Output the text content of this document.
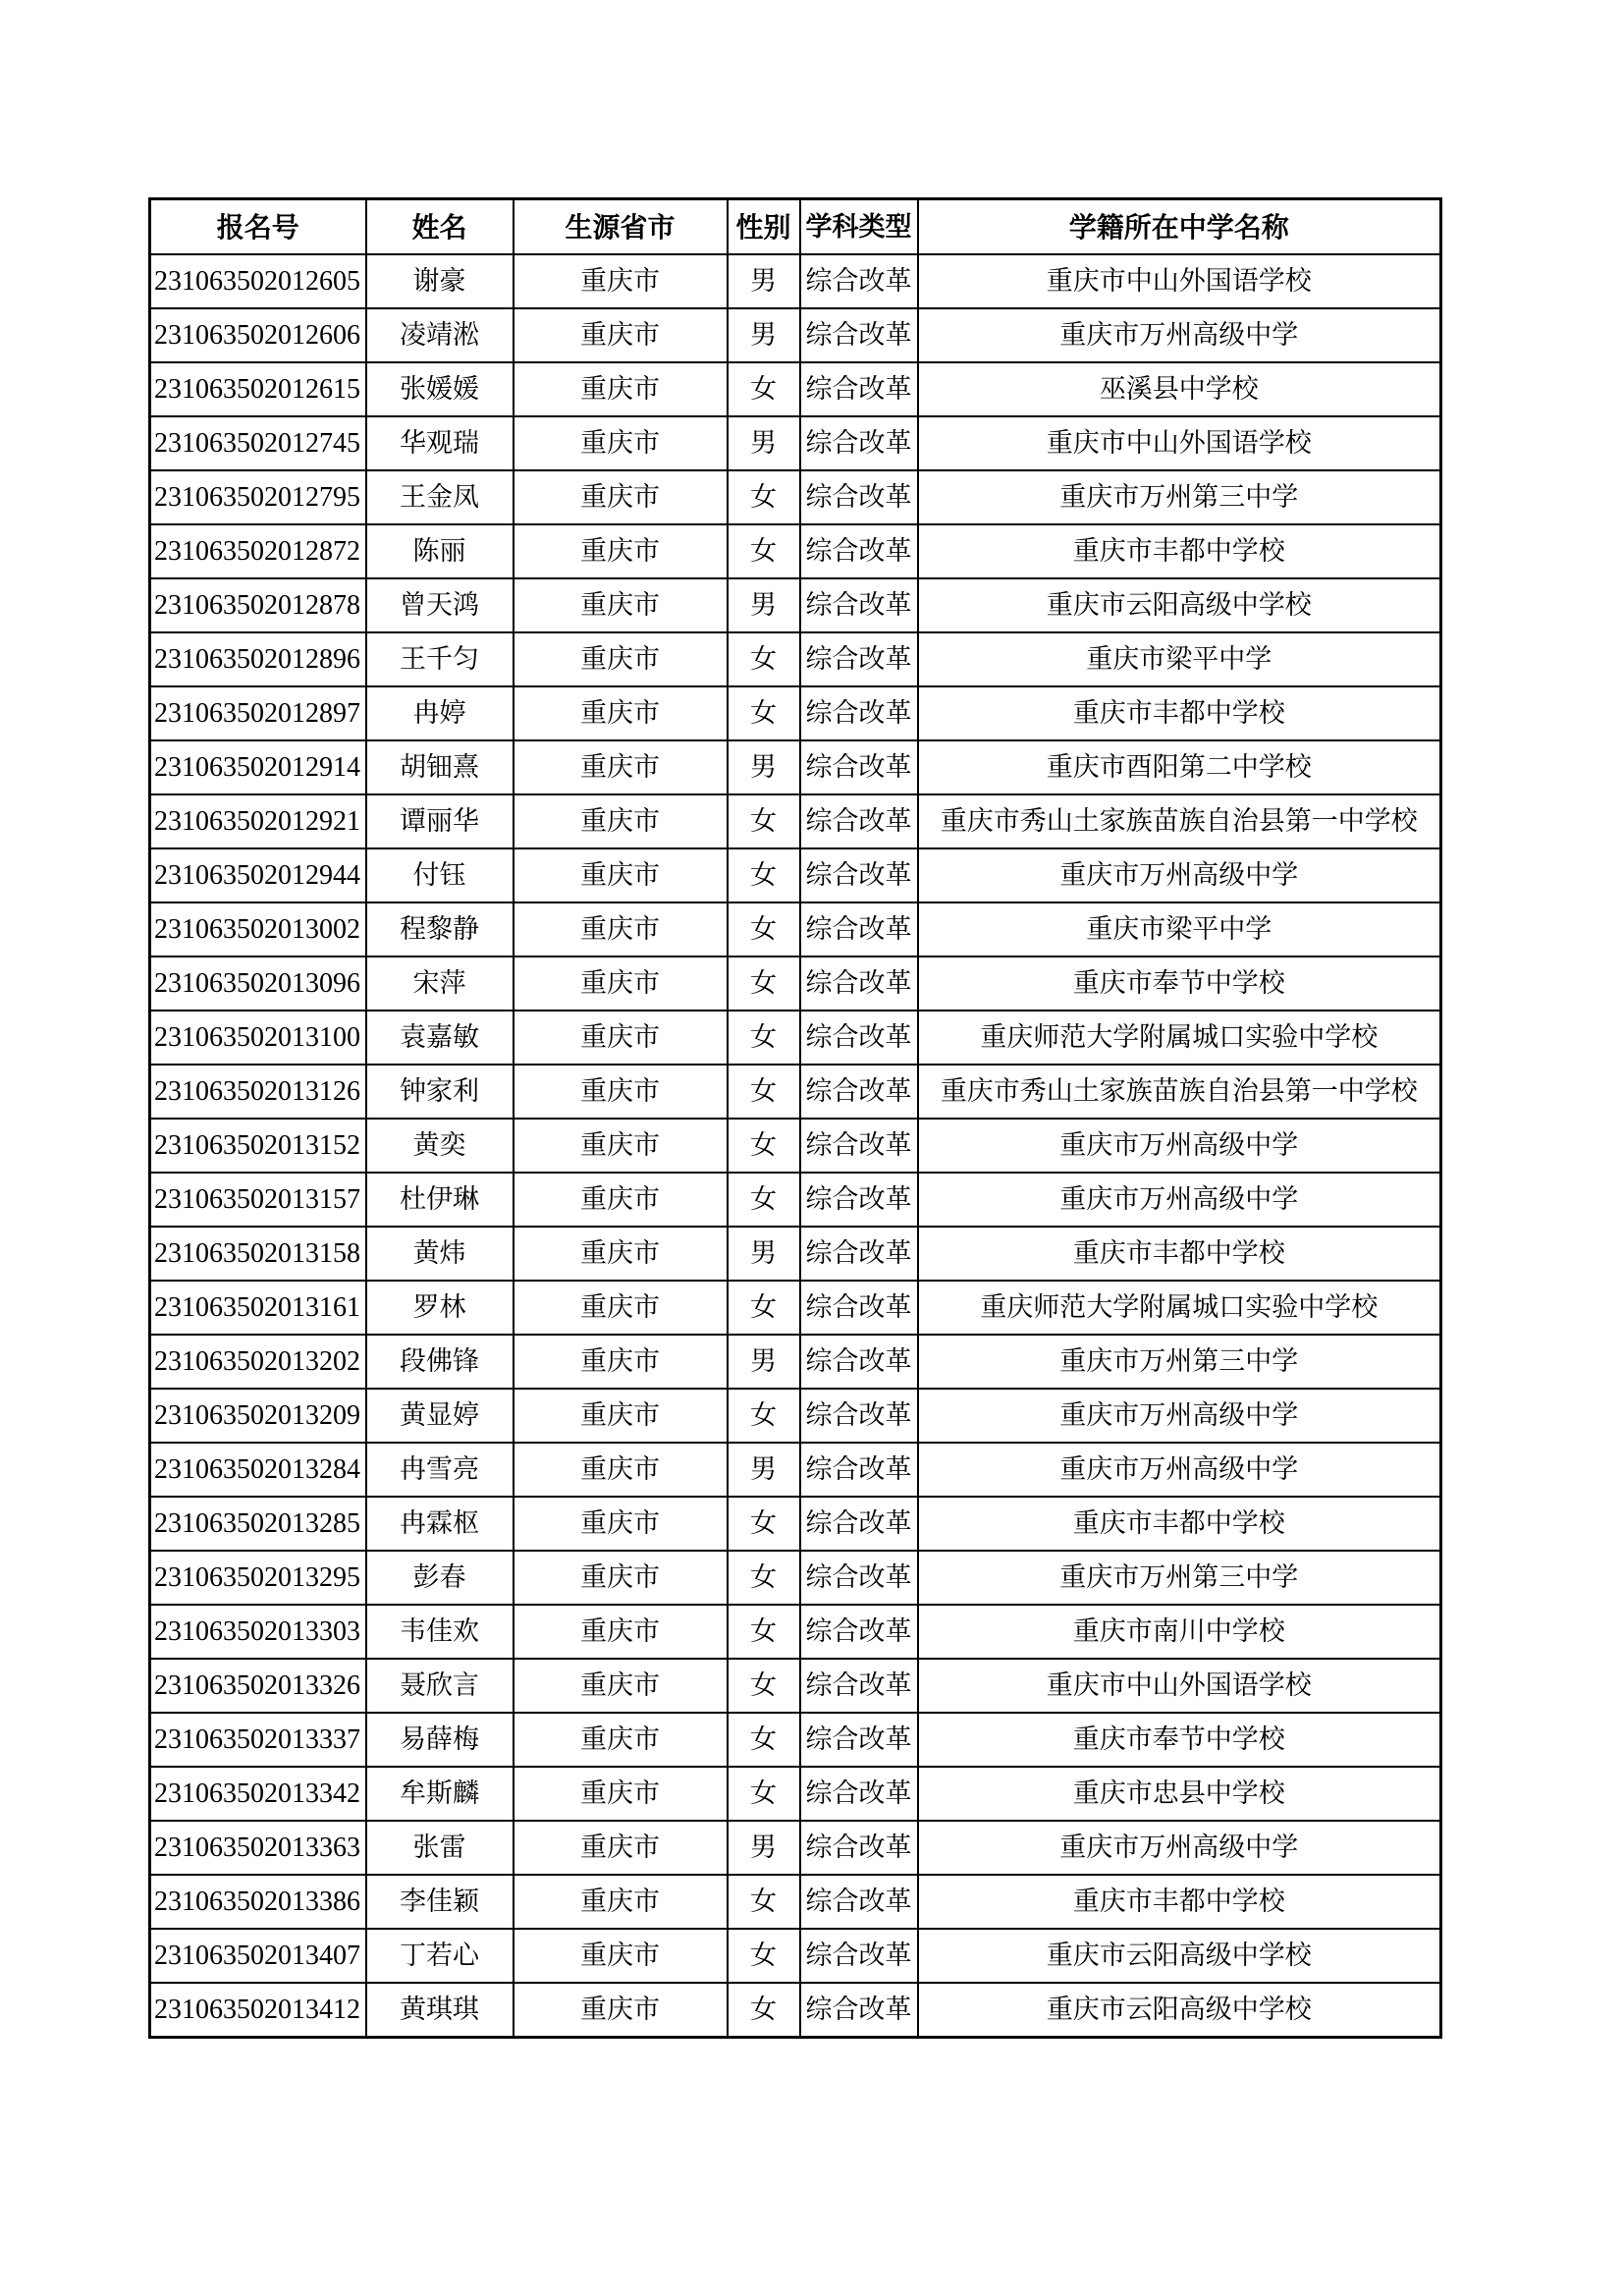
报名号	姓名	生源省市	性别	学科类型	学籍所在中学名称
231063502012605	谢豪	重庆市	男	综合改革	重庆市中山外国语学校
231063502012606	凌靖淞	重庆市	男	综合改革	重庆市万州高级中学
231063502012615	张媛媛	重庆市	女	综合改革	巫溪县中学校
231063502012745	华观瑞	重庆市	男	综合改革	重庆市中山外国语学校
231063502012795	王金凤	重庆市	女	综合改革	重庆市万州第三中学
231063502012872	陈丽	重庆市	女	综合改革	重庆市丰都中学校
231063502012878	曾天鸿	重庆市	男	综合改革	重庆市云阳高级中学校
231063502012896	王千匀	重庆市	女	综合改革	重庆市梁平中学
231063502012897	冉婷	重庆市	女	综合改革	重庆市丰都中学校
231063502012914	胡钿熹	重庆市	男	综合改革	重庆市酉阳第二中学校
231063502012921	谭丽华	重庆市	女	综合改革	重庆市秀山土家族苗族自治县第一中学校
231063502012944	付钰	重庆市	女	综合改革	重庆市万州高级中学
231063502013002	程黎静	重庆市	女	综合改革	重庆市梁平中学
231063502013096	宋萍	重庆市	女	综合改革	重庆市奉节中学校
231063502013100	袁嘉敏	重庆市	女	综合改革	重庆师范大学附属城口实验中学校
231063502013126	钟家利	重庆市	女	综合改革	重庆市秀山土家族苗族自治县第一中学校
231063502013152	黄奕	重庆市	女	综合改革	重庆市万州高级中学
231063502013157	杜伊琳	重庆市	女	综合改革	重庆市万州高级中学
231063502013158	黄炜	重庆市	男	综合改革	重庆市丰都中学校
231063502013161	罗林	重庆市	女	综合改革	重庆师范大学附属城口实验中学校
231063502013202	段佛锋	重庆市	男	综合改革	重庆市万州第三中学
231063502013209	黄显婷	重庆市	女	综合改革	重庆市万州高级中学
231063502013284	冉雪亮	重庆市	男	综合改革	重庆市万州高级中学
231063502013285	冉霖枢	重庆市	女	综合改革	重庆市丰都中学校
231063502013295	彭春	重庆市	女	综合改革	重庆市万州第三中学
231063502013303	韦佳欢	重庆市	女	综合改革	重庆市南川中学校
231063502013326	聂欣言	重庆市	女	综合改革	重庆市中山外国语学校
231063502013337	易薛梅	重庆市	女	综合改革	重庆市奉节中学校
231063502013342	牟斯麟	重庆市	女	综合改革	重庆市忠县中学校
231063502013363	张雷	重庆市	男	综合改革	重庆市万州高级中学
231063502013386	李佳颖	重庆市	女	综合改革	重庆市丰都中学校
231063502013407	丁若心	重庆市	女	综合改革	重庆市云阳高级中学校
231063502013412	黄琪琪	重庆市	女	综合改革	重庆市云阳高级中学校
